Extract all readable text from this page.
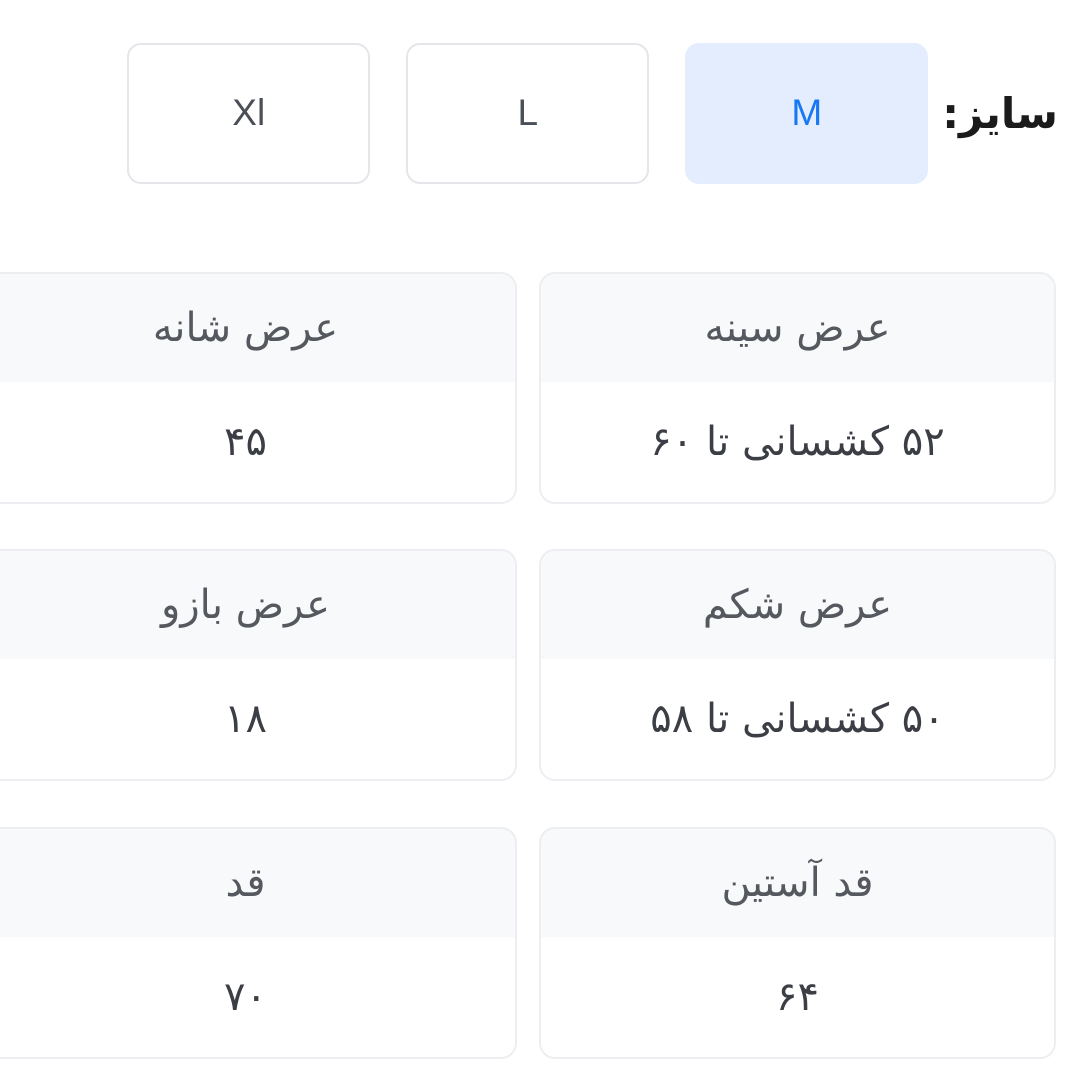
سایز:
M
L
Xl
عرض سینه
۵۲ کشسانی تا ۶۰
عرض شانه
۴۵
عرض شکم
۵۰ کشسانی تا ۵۸
عرض بازو
۱۸
قد آستین
۶۴
قد
۷۰
